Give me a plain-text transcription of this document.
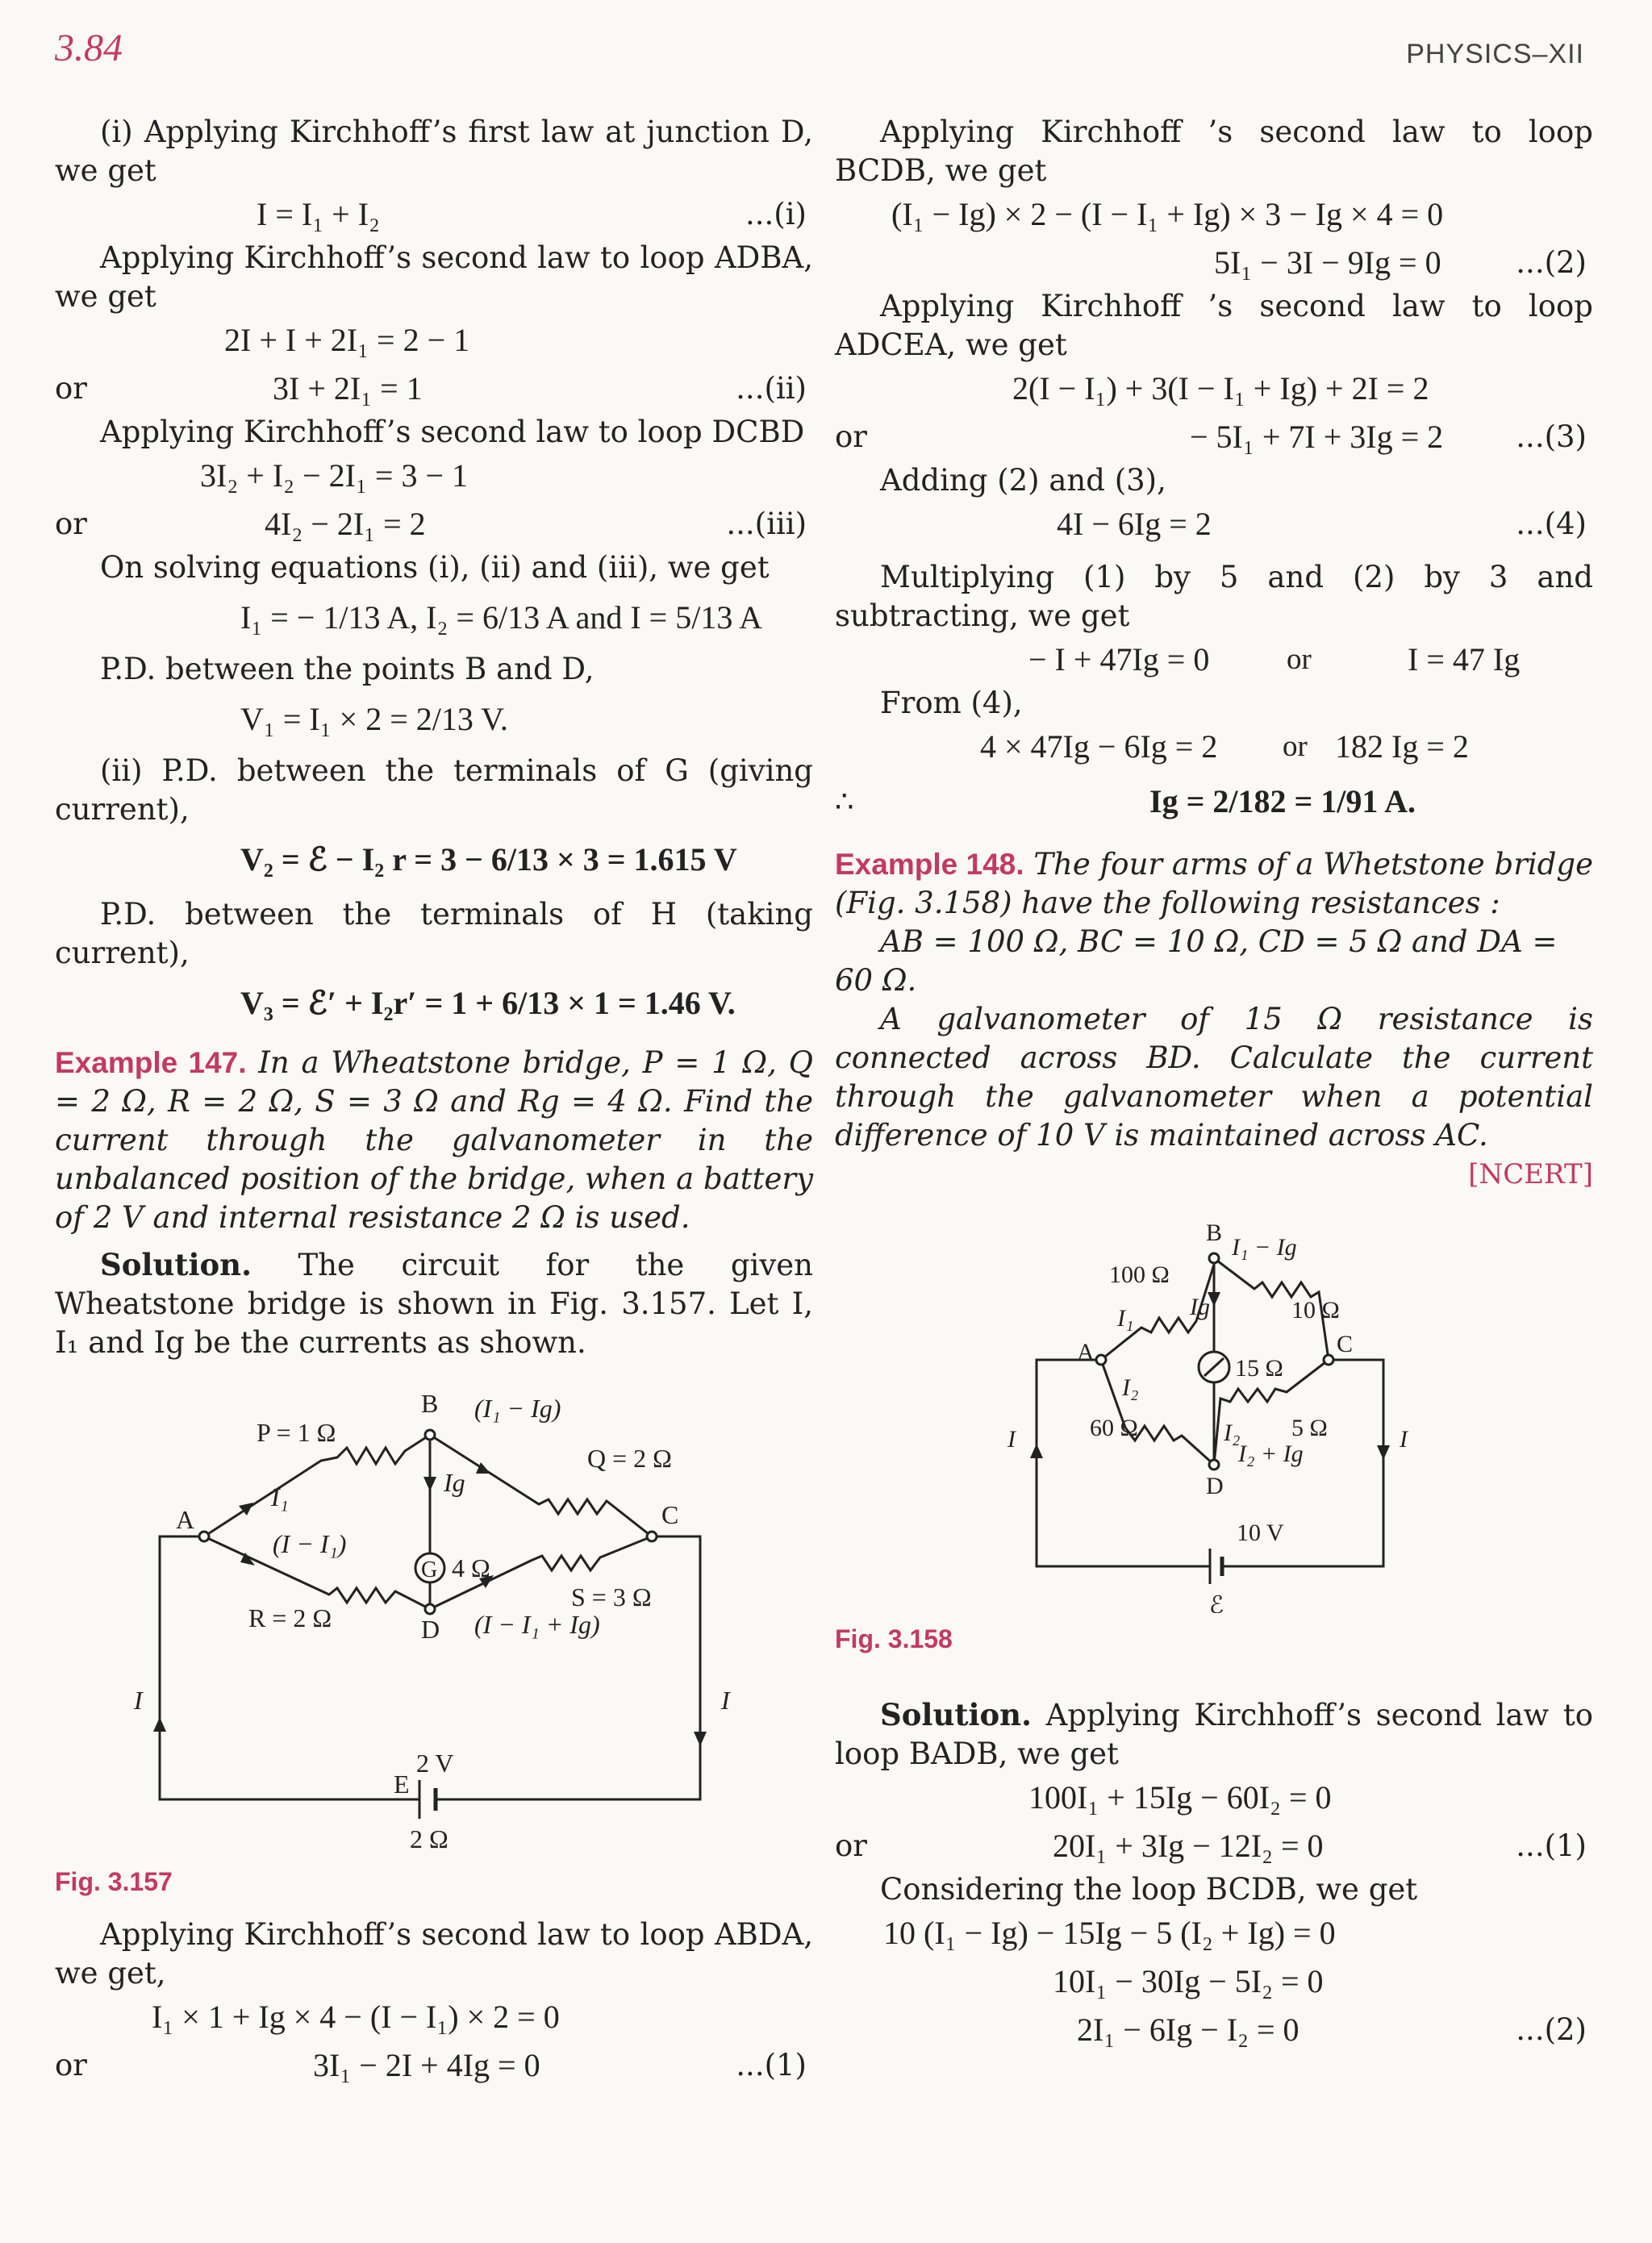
3.84	PHYSICS–XII

(i) Applying Kirchhoff’s first law at junction D, we get

I = I₁ + I₂	...(i)

Applying Kirchhoff’s second law to loop ADBA, we get

2I + I + 2I₁ = 2 − 1
or	3I + 2I₁ = 1	...(ii)

Applying Kirchhoff’s second law to loop DCBD

3I₂ + I₂ − 2I₁ = 3 − 1
or	4I₂ − 2I₁ = 2	...(iii)

On solving equations (i), (ii) and (iii), we get

I₁ = − 1/13 A, I₂ = 6/13 A and I = 5/13 A

P.D. between the points B and D,

V₁ = I₁ × 2 = 2/13 V.

(ii) P.D. between the terminals of G (giving current),

V₂ = ℰ − I₂ r = 3 − 6/13 × 3 = 1.615 V

P.D. between the terminals of H (taking current),

V₃ = ℰ′ + I₂r′ = 1 + 6/13 × 1 = 1.46 V.

Example 147. In a Wheatstone bridge, P = 1 Ω, Q = 2 Ω, R = 2 Ω, S = 3 Ω and Rg = 4 Ω. Find the current through the galvanometer in the unbalanced position of the bridge, when a battery of 2 V and internal resistance 2 Ω is used.

Solution. The circuit for the given Wheatstone bridge is shown in Fig. 3.157. Let I, I₁ and Ig be the currents as shown.

A
B
C
D
E
P = 1 Ω
Q = 2 Ω
R = 2 Ω
S = 3 Ω
G 4 Ω
2 V
2 Ω
I	I
I₁
(I − I₁)
(I₁ − Ig)
Ig
(I − I₁ + Ig)

Fig. 3.157

Applying Kirchhoff’s second law to loop ABDA, we get,

I₁ × 1 + Ig × 4 − (I − I₁) × 2 = 0
or	3I₁ − 2I + 4Ig = 0	...(1)

Applying Kirchhoff ’s second law to loop BCDB, we get

(I₁ − Ig) × 2 − (I − I₁ + Ig) × 3 − Ig × 4 = 0
5I₁ − 3I − 9Ig = 0	...(2)

Applying Kirchhoff ’s second law to loop ADCEA, we get

2(I − I₁) + 3(I − I₁ + Ig) + 2I = 2
or	− 5I₁ + 7I + 3Ig = 2 ...(3)

Adding (2) and (3),

4I − 6Ig = 2	...(4)

Multiplying (1) by 5 and (2) by 3 and subtracting, we get

− I + 47Ig = 0	or	I = 47 Ig

From (4),

4 × 47Ig − 6Ig = 2 or 182 Ig = 2
∴	Ig = 2/182 = 1/91 A.

Example 148. The four arms of a Whetstone bridge (Fig. 3.158) have the following resistances :

AB = 100 Ω, BC = 10 Ω, CD = 5 Ω and DA = 60 Ω.

A galvanometer of 15 Ω resistance is connected across BD. Calculate the current through the galvanometer when a potential difference of 10 V is maintained across AC.

[NCERT]

A
B
C
D
100 Ω
10 Ω
5 Ω
60 Ω
15 Ω
10 V
ℰ
I	I
I₁
I₂
Ig
I₂
I₁ − Ig
I₂ + Ig

Fig. 3.158

Solution. Applying Kirchhoff’s second law to loop BADB, we get

100I₁ + 15Ig − 60I₂ = 0
or	20I₁ + 3Ig − 12I₂ = 0	...(1)

Considering the loop BCDB, we get

10 (I₁ − Ig) − 15Ig − 5 (I₂ + Ig) = 0
10I₁ − 30Ig − 5I₂ = 0
2I₁ − 6Ig − I₂ = 0	...(2)
